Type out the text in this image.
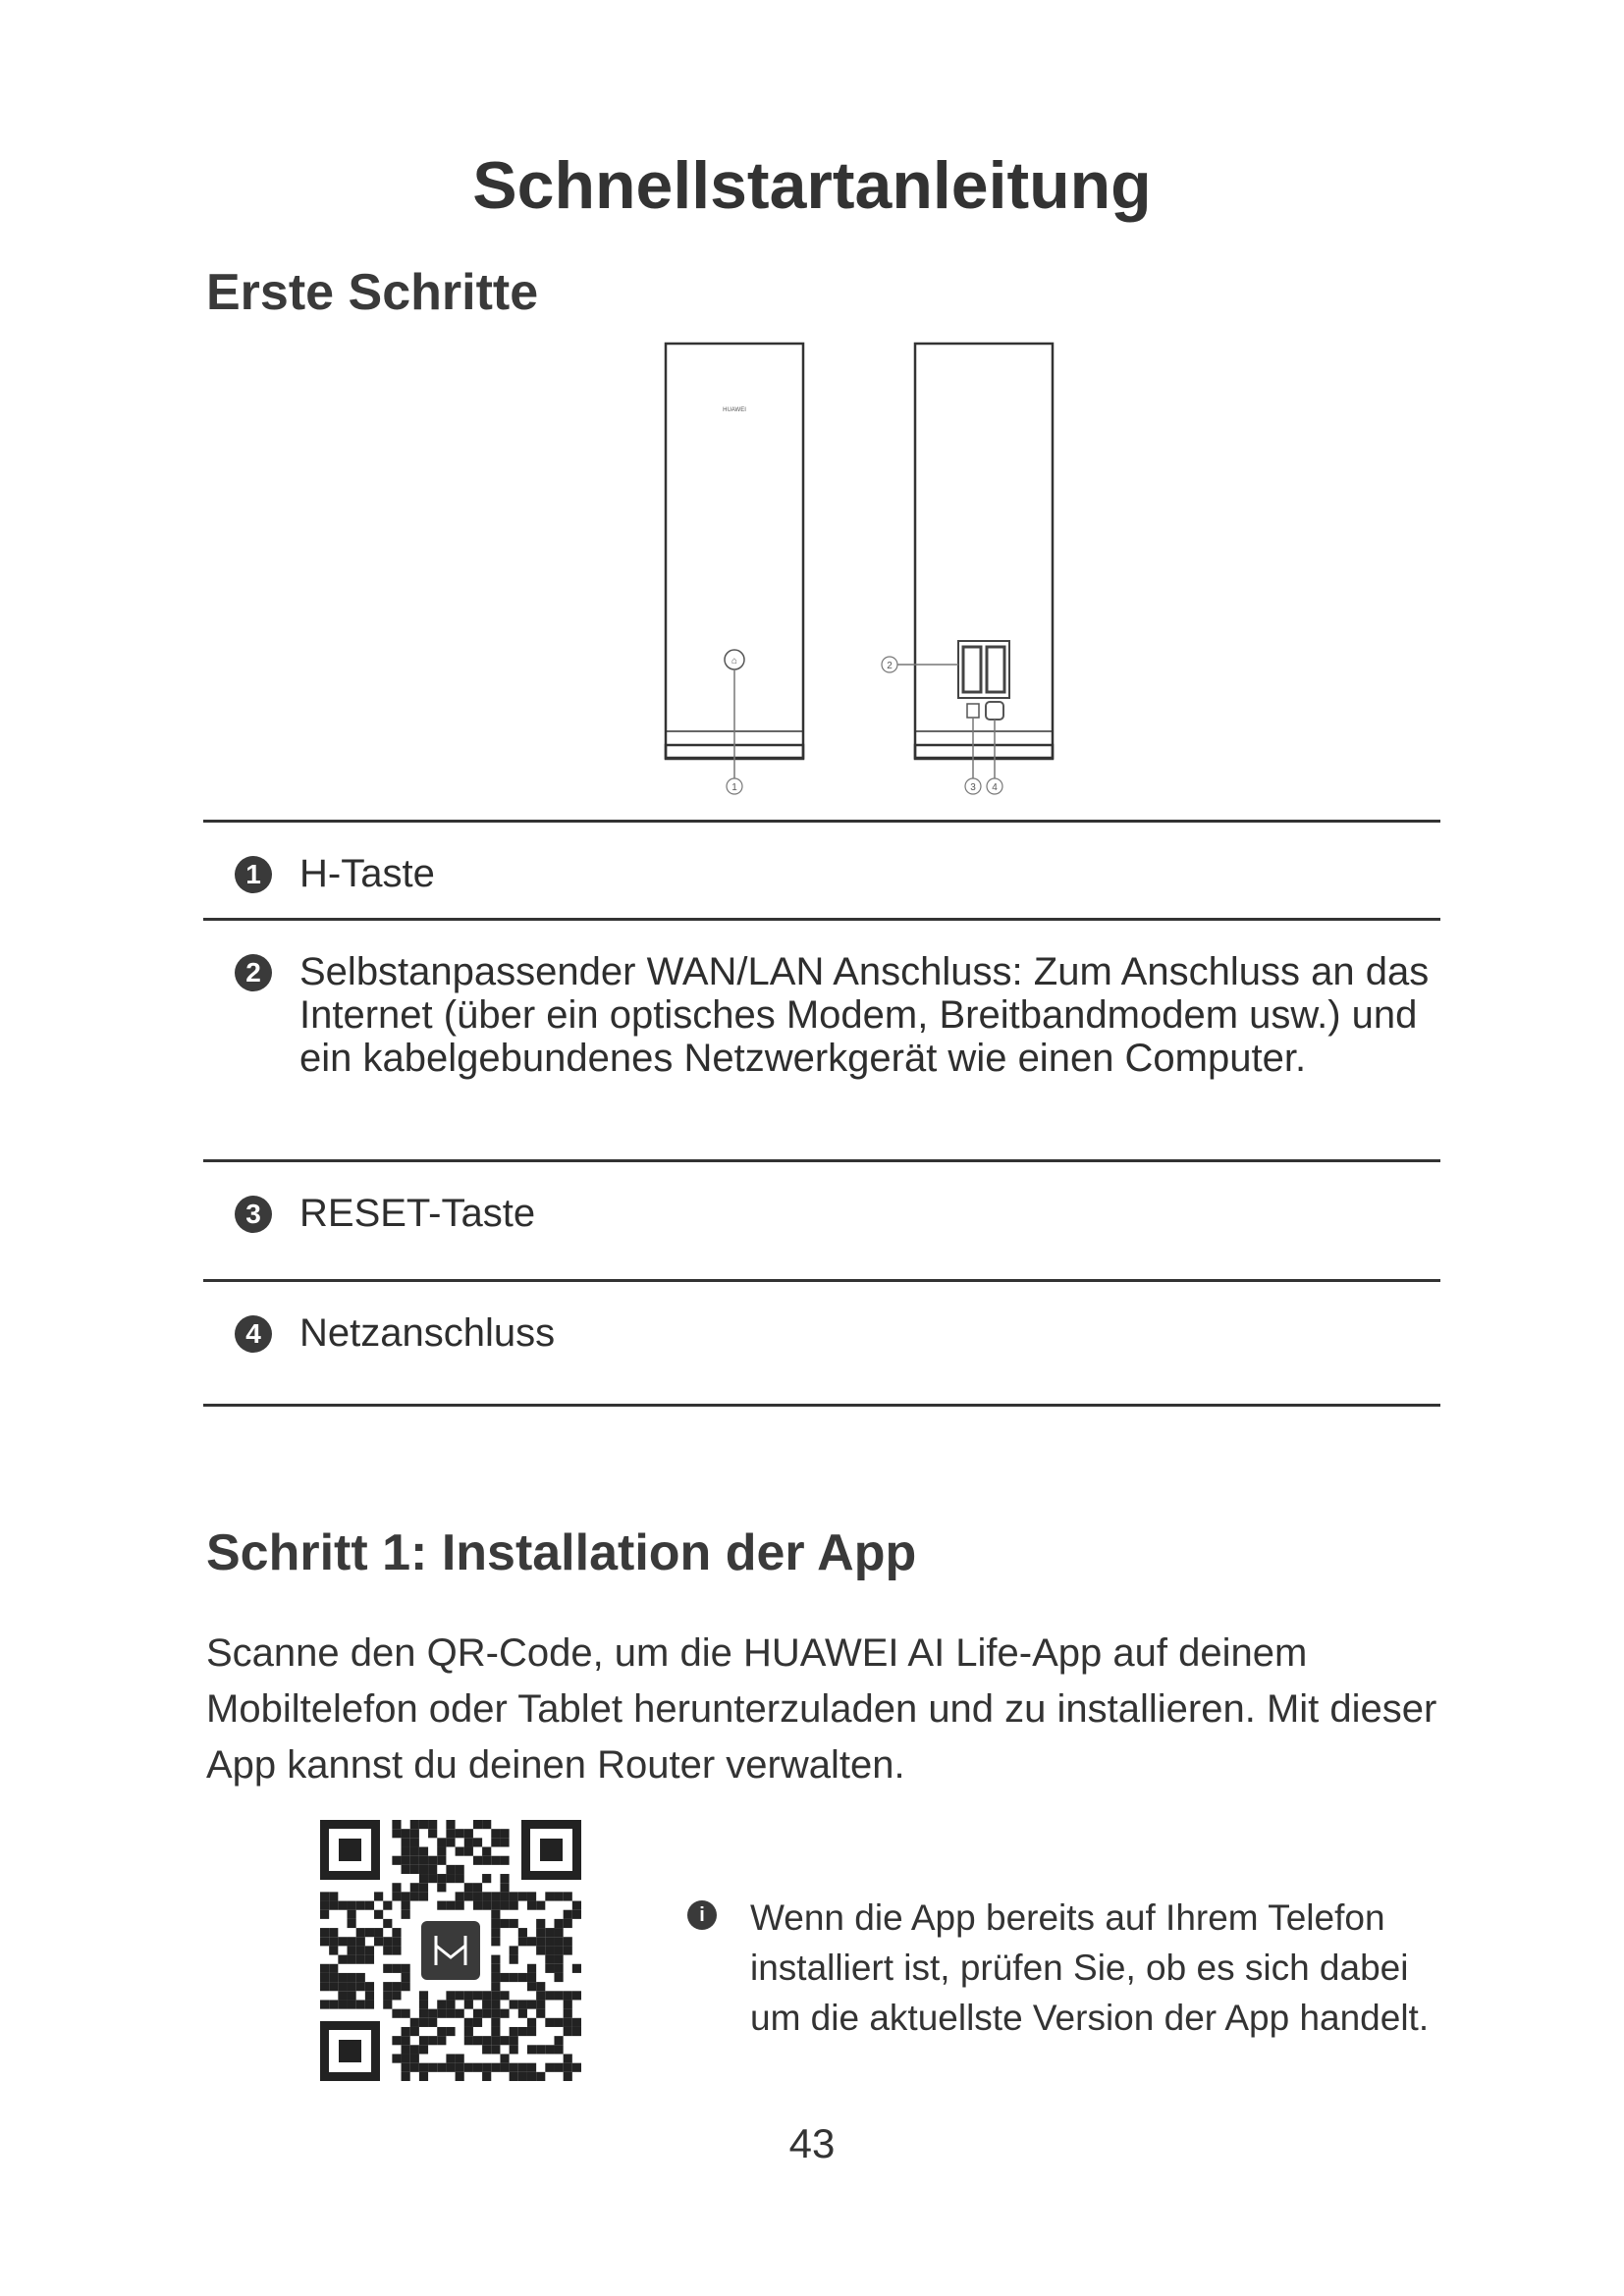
Schnellstartanleitung
Erste Schritte
HUAWEI
⌂
1
2
3 4
1 H-Taste
2 Selbstanpassender WAN/LAN Anschluss: Zum Anschluss an das Internet (über ein optisches Modem, Breitbandmodem usw.) und ein kabelgebundenes Netzwerkgerät wie einen Computer.
3 RESET-Taste
4 Netzanschluss
Schritt 1: Installation der App
Scanne den QR-Code, um die HUAWEI AI Life-App auf deinem Mobiltelefon oder Tablet herunterzuladen und zu installieren. Mit dieser App kannst du deinen Router verwalten.
i	Wenn die App bereits auf Ihrem Telefon installiert ist, prüfen Sie, ob es sich dabei um die aktuellste Version der App handelt.
43
